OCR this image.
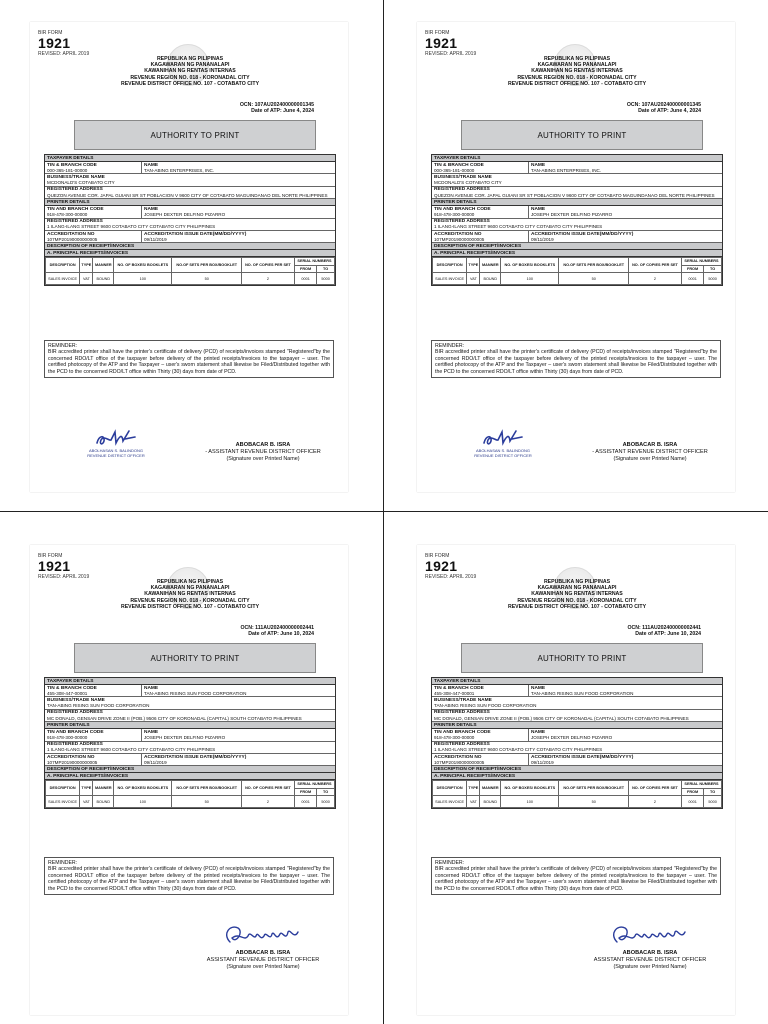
BIR FORM
1921
REVISED: APRIL 2019
REPUBLIKA NG PILIPINAS
KAGAWARAN NG PANANALAPI
KAWANIHAN NG RENTAS INTERNAS
REVENUE REGION NO. 018 - KORONADAL CITY
REVENUE DISTRICT OFFICE NO. 107 - COTABATO CITY
OCN: 107AU202400000001345
Date of ATP: June 4, 2024
AUTHORITY TO PRINT
TAXPAYER DETAILS
TIN & BRANCH CODE
000-365-181-00000
NAME
TAN-ABING ENTERPRISES, INC.
BUSINESS/TRADE NAME
MCDONALD'S COTABATO CITY
REGISTERED ADDRESS
QUEZON AVENUE COR. JAPAL GUIANI SR ST POBLACION V 9600 CITY OF COTABATO MAGUINDANAO DEL NORTE PHILIPPINES
PRINTER DETAILS
TIN AND BRANCH CODE
918-478-300-00000
NAME
JOSEPH DEXTER DELFINO PIZARRO
REGISTERED ADDRESS
1 ILANG-ILANG STREET 9600 COTABATO CITY COTABATO CITY PHILIPPINES
ACCREDITATION NO
107MP20190000000005
ACCREDITATION ISSUE DATE(MM/DD/YYYY)
09/11/2019
DESCRIPTION OF RECEIPT/INVOICES
A. PRINCIPAL RECEIPTS/INVOICES
DESCRIPTION	TYPE	MANNER	NO. OF BOXES/ BOOKLETS	NO.OF SETS PER BOX/BOOKLET	NO. OF COPIES PER SET	SERIAL NUMBERS	
						FROM	TO
SALES INVOICE	VAT	BOUND	100	50	2	0001	5000
REMINDER:
BIR accredited printer shall have the printer's certificate of delivery (PCD) of receipts/invoices stamped "Registered"by the concerned RDO/LT office of the taxpayer before delivery of the printed receipts/invoices to the taxpayer – user. The certified photocopy of the ATP and the Taxpayer – user's sworn statement shall likewise be Filed/Distributed together with the PCD to the concerned RDO/LT office within Thirty (30) days from date of PCD.
ABOLHASAN S. BALINDONG
REVENUE DISTRICT OFFICER
ABOBACAR B. ISRA
- ASSISTANT REVENUE DISTRICT OFFICER
(Signature over Printed Name)
BIR FORM
1921
REVISED: APRIL 2019
REPUBLIKA NG PILIPINAS
KAGAWARAN NG PANANALAPI
KAWANIHAN NG RENTAS INTERNAS
REVENUE REGION NO. 018 - KORONADAL CITY
REVENUE DISTRICT OFFICE NO. 107 - COTABATO CITY
OCN: 107AU202400000001345
Date of ATP: June 4, 2024
AUTHORITY TO PRINT
TAXPAYER DETAILS
TIN & BRANCH CODE
000-365-181-00000
NAME
TAN-ABING ENTERPRISES, INC.
BUSINESS/TRADE NAME
MCDONALD'S COTABATO CITY
REGISTERED ADDRESS
QUEZON AVENUE COR. JAPAL GUIANI SR ST POBLACION V 9600 CITY OF COTABATO MAGUINDANAO DEL NORTE PHILIPPINES
PRINTER DETAILS
TIN AND BRANCH CODE
918-478-300-00000
NAME
JOSEPH DEXTER DELFINO PIZARRO
REGISTERED ADDRESS
1 ILANG-ILANG STREET 9600 COTABATO CITY COTABATO CITY PHILIPPINES
ACCREDITATION NO
107MP20190000000005
ACCREDITATION ISSUE DATE(MM/DD/YYYY)
09/11/2019
DESCRIPTION OF RECEIPT/INVOICES
A. PRINCIPAL RECEIPTS/INVOICES
DESCRIPTION	TYPE	MANNER	NO. OF BOXES/ BOOKLETS	NO.OF SETS PER BOX/BOOKLET	NO. OF COPIES PER SET	SERIAL NUMBERS	
						FROM	TO
SALES INVOICE	VAT	BOUND	100	50	2	0001	5000
REMINDER:
BIR accredited printer shall have the printer's certificate of delivery (PCD) of receipts/invoices stamped "Registered"by the concerned RDO/LT office of the taxpayer before delivery of the printed receipts/invoices to the taxpayer – user. The certified photocopy of the ATP and the Taxpayer – user's sworn statement shall likewise be Filed/Distributed together with the PCD to the concerned RDO/LT office within Thirty (30) days from date of PCD.
ABOLHASAN S. BALINDONG
REVENUE DISTRICT OFFICER
ABOBACAR B. ISRA
- ASSISTANT REVENUE DISTRICT OFFICER
(Signature over Printed Name)
BIR FORM
1921
REVISED: APRIL 2019
REPUBLIKA NG PILIPINAS
KAGAWARAN NG PANANALAPI
KAWANIHAN NG RENTAS INTERNAS
REVENUE REGION NO. 018 - KORONADAL CITY
REVENUE DISTRICT OFFICE NO. 107 - COTABATO CITY
OCN: 111AU202400000002441
Date of ATP: June 10, 2024
AUTHORITY TO PRINT
TAXPAYER DETAILS
TIN & BRANCH CODE
455-308-447-00001
NAME
TAN-ABING RISING SUN FOOD CORPORATION
BUSINESS/TRADE NAME
TAN-ABING RISING SUN FOOD CORPORATION
REGISTERED ADDRESS
MC DONALD, GENSAN DRIVE ZONE II (POB.) 9506 CITY OF KORONADAL (CAPITAL) SOUTH COTABATO PHILIPPINES
PRINTER DETAILS
TIN AND BRANCH CODE
918-478-300-00000
NAME
JOSEPH DEXTER DELFINO PIZARRO
REGISTERED ADDRESS
1 ILANG-ILANG STREET 9600 COTABATO CITY COTABATO CITY PHILIPPINES
ACCREDITATION NO
107MP20190000000005
ACCREDITATION ISSUE DATE(MM/DD/YYYY)
09/11/2019
DESCRIPTION OF RECEIPT/INVOICES
A. PRINCIPAL RECEIPTS/INVOICES
DESCRIPTION	TYPE	MANNER	NO. OF BOXES/ BOOKLETS	NO.OF SETS PER BOX/BOOKLET	NO. OF COPIES PER SET	SERIAL NUMBERS	
						FROM	TO
SALES INVOICE	VAT	BOUND	100	50	2	0001	5000
REMINDER:
BIR accredited printer shall have the printer's certificate of delivery (PCD) of receipts/invoices stamped "Registered"by the concerned RDO/LT office of the taxpayer before delivery of the printed receipts/invoices to the taxpayer – user. The certified photocopy of the ATP and the Taxpayer – user's sworn statement shall likewise be Filed/Distributed together with the PCD to the concerned RDO/LT office within Thirty (30) days from date of PCD.
ABOBACAR B. ISRA
ASSISTANT REVENUE DISTRICT OFFICER
(Signature over Printed Name)
BIR FORM
1921
REVISED: APRIL 2019
REPUBLIKA NG PILIPINAS
KAGAWARAN NG PANANALAPI
KAWANIHAN NG RENTAS INTERNAS
REVENUE REGION NO. 018 - KORONADAL CITY
REVENUE DISTRICT OFFICE NO. 107 - COTABATO CITY
OCN: 111AU202400000002441
Date of ATP: June 10, 2024
AUTHORITY TO PRINT
TAXPAYER DETAILS
TIN & BRANCH CODE
455-308-447-00001
NAME
TAN-ABING RISING SUN FOOD CORPORATION
BUSINESS/TRADE NAME
TAN-ABING RISING SUN FOOD CORPORATION
REGISTERED ADDRESS
MC DONALD, GENSAN DRIVE ZONE II (POB.) 9506 CITY OF KORONADAL (CAPITAL) SOUTH COTABATO PHILIPPINES
PRINTER DETAILS
TIN AND BRANCH CODE
918-478-300-00000
NAME
JOSEPH DEXTER DELFINO PIZARRO
REGISTERED ADDRESS
1 ILANG-ILANG STREET 9600 COTABATO CITY COTABATO CITY PHILIPPINES
ACCREDITATION NO
107MP20190000000005
ACCREDITATION ISSUE DATE(MM/DD/YYYY)
09/11/2019
DESCRIPTION OF RECEIPT/INVOICES
A. PRINCIPAL RECEIPTS/INVOICES
DESCRIPTION	TYPE	MANNER	NO. OF BOXES/ BOOKLETS	NO.OF SETS PER BOX/BOOKLET	NO. OF COPIES PER SET	SERIAL NUMBERS	
						FROM	TO
SALES INVOICE	VAT	BOUND	100	50	2	0001	5000
REMINDER:
BIR accredited printer shall have the printer's certificate of delivery (PCD) of receipts/invoices stamped "Registered"by the concerned RDO/LT office of the taxpayer before delivery of the printed receipts/invoices to the taxpayer – user. The certified photocopy of the ATP and the Taxpayer – user's sworn statement shall likewise be Filed/Distributed together with the PCD to the concerned RDO/LT office within Thirty (30) days from date of PCD.
ABOBACAR B. ISRA
ASSISTANT REVENUE DISTRICT OFFICER
(Signature over Printed Name)
